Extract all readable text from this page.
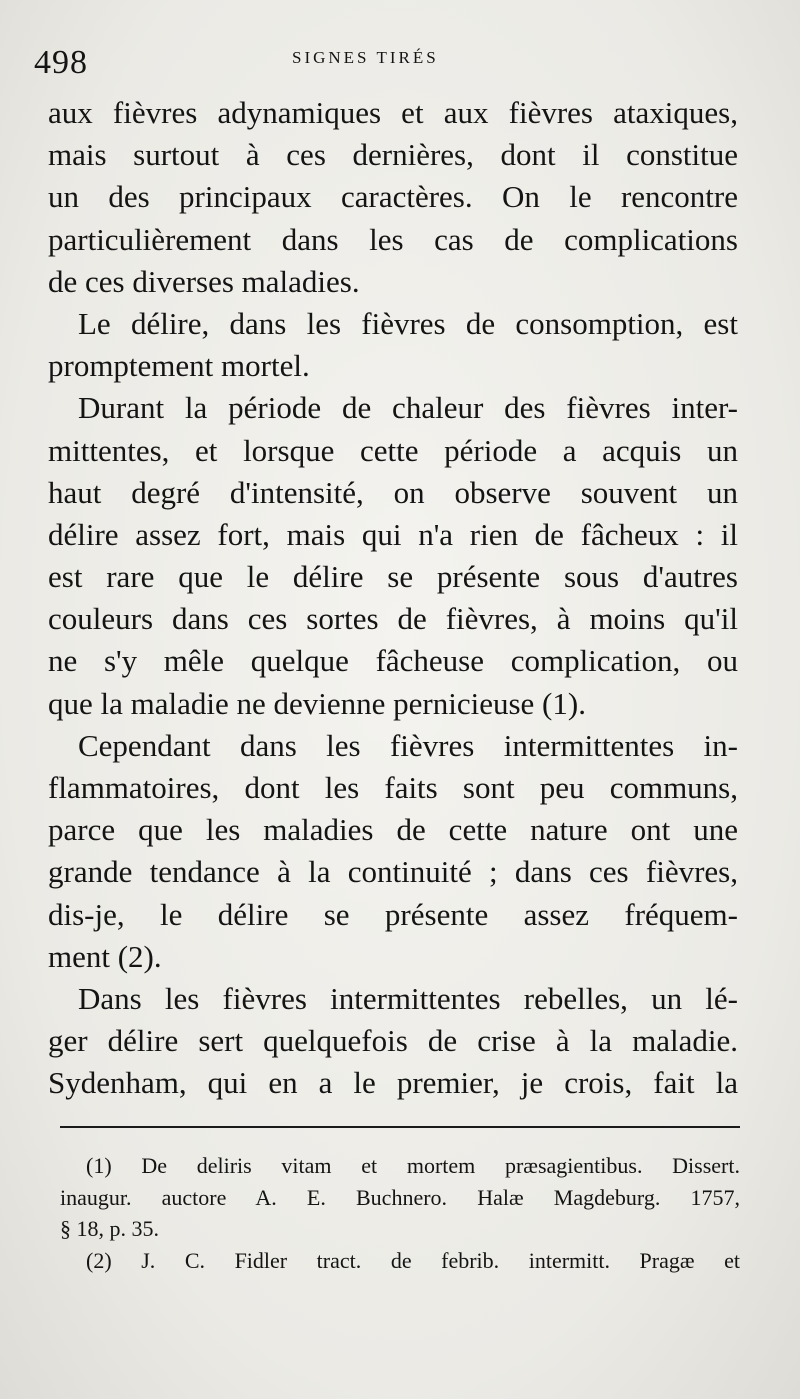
498	SIGNES TIRÉS
aux fièvres adynamiques et aux fièvres ataxiques,
mais surtout à ces dernières, dont il constitue
un des principaux caractères. On le rencontre
particulièrement dans les cas de complications
de ces diverses maladies.
Le délire, dans les fièvres de consomption, est
promptement mortel.
Durant la période de chaleur des fièvres inter-
mittentes, et lorsque cette période a acquis un
haut degré d'intensité, on observe souvent un
délire assez fort, mais qui n'a rien de fâcheux : il
est rare que le délire se présente sous d'autres
couleurs dans ces sortes de fièvres, à moins qu'il
ne s'y mêle quelque fâcheuse complication, ou
que la maladie ne devienne pernicieuse (1).
Cependant dans les fièvres intermittentes in-
flammatoires, dont les faits sont peu communs,
parce que les maladies de cette nature ont une
grande tendance à la continuité ; dans ces fièvres,
dis-je, le délire se présente assez fréquem-
ment (2).
Dans les fièvres intermittentes rebelles, un lé-
ger délire sert quelquefois de crise à la maladie.
Sydenham, qui en a le premier, je crois, fait la
(1) De deliris vitam et mortem præsagientibus. Dissert.
inaugur. auctore A. E. Buchnero. Halæ Magdeburg. 1757,
§ 18, p. 35.
(2) J. C. Fidler tract. de febrib. intermitt. Pragæ et
